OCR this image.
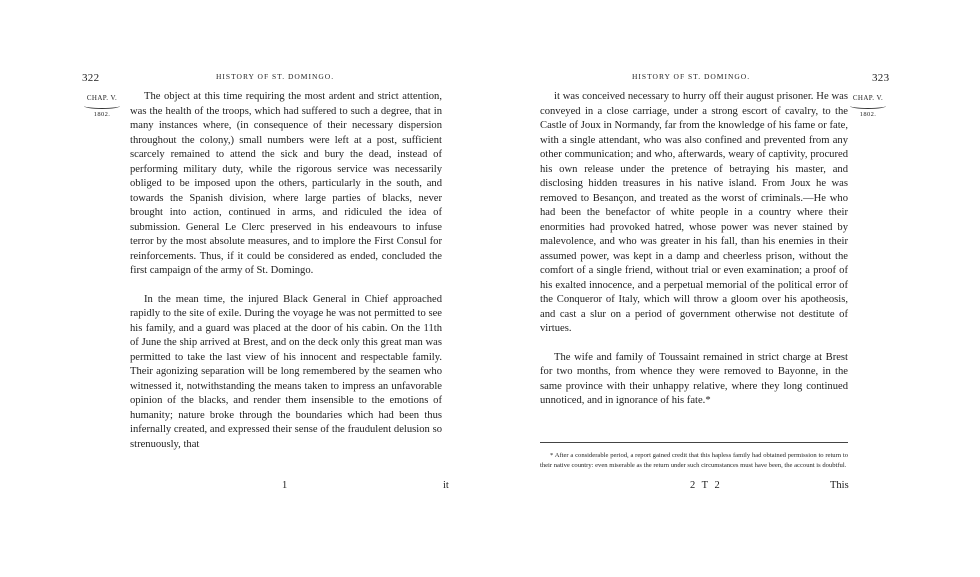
322	HISTORY OF ST. DOMINGO.
CHAP. V.
1802.

The object at this time requiring the most ardent and strict attention, was the health of the troops, which had suffered to such a degree, that in many instances where, (in consequence of their necessary dispersion throughout the colony,) small numbers were left at a post, sufficient scarcely remained to attend the sick and bury the dead, instead of performing military duty, while the rigorous service was necessarily obliged to be imposed upon the others, particularly in the south, and towards the Spanish division, where large parties of blacks, never brought into action, continued in arms, and ridiculed the idea of submission. General Le Clerc preserved in his endeavours to infuse terror by the most absolute measures, and to implore the First Consul for reinforcements. Thus, if it could be considered as ended, concluded the first campaign of the army of St. Domingo.

In the mean time, the injured Black General in Chief approached rapidly to the site of exile. During the voyage he was not permitted to see his family, and a guard was placed at the door of his cabin. On the 11th of June the ship arrived at Brest, and on the deck only this great man was permitted to take the last view of his innocent and respectable family. Their agonizing separation will be long remembered by the seamen who witnessed it, notwithstanding the means taken to impress an unfavorable opinion of the blacks, and render them insensible to the emotions of humanity; nature broke through the boundaries which had been thus infernally created, and expressed their sense of the fraudulent delusion so strenuously, that

1	it
HISTORY OF ST. DOMINGO.	323
CHAP. V.
1802.

it was conceived necessary to hurry off their august prisoner. He was conveyed in a close carriage, under a strong escort of cavalry, to the Castle of Joux in Normandy, far from the knowledge of his fame or fate, with a single attendant, who was also confined and prevented from any other communication; and who, afterwards, weary of captivity, procured his own release under the pretence of betraying his master, and disclosing hidden treasures in his native island. From Joux he was removed to Besançon, and treated as the worst of criminals.—He who had been the benefactor of white people in a country where their enormities had provoked hatred, whose power was never stained by malevolence, and who was greater in his fall, than his enemies in their assumed power, was kept in a damp and cheerless prison, without the comfort of a single friend, without trial or even examination; a proof of his exalted innocence, and a perpetual memorial of the political error of the Conqueror of Italy, which will throw a gloom over his apotheosis, and cast a slur on a period of government otherwise not destitute of virtues.

The wife and family of Toussaint remained in strict charge at Brest for two months, from whence they were removed to Bayonne, in the same province with their unhappy relative, where they long continued unnoticed, and in ignorance of his fate.*

* After a considerable period, a report gained credit that this hapless family had obtained permission to return to their native country: even miserable as the return under such circumstances must have been, the account is doubtful.

2 T 2	This
